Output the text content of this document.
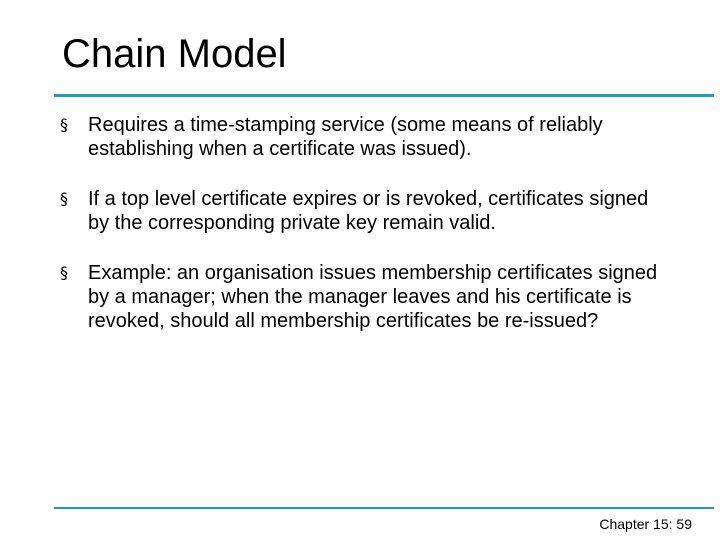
Chain Model
§ Requires a time-stamping service (some means of reliably establishing when a certificate was issued).
§ If a top level certificate expires or is revoked, certificates signed by the corresponding private key remain valid.
§ Example: an organisation issues membership certificates signed by a manager; when the manager leaves and his certificate is revoked, should all membership certificates be re-issued?
Chapter 15: 59
